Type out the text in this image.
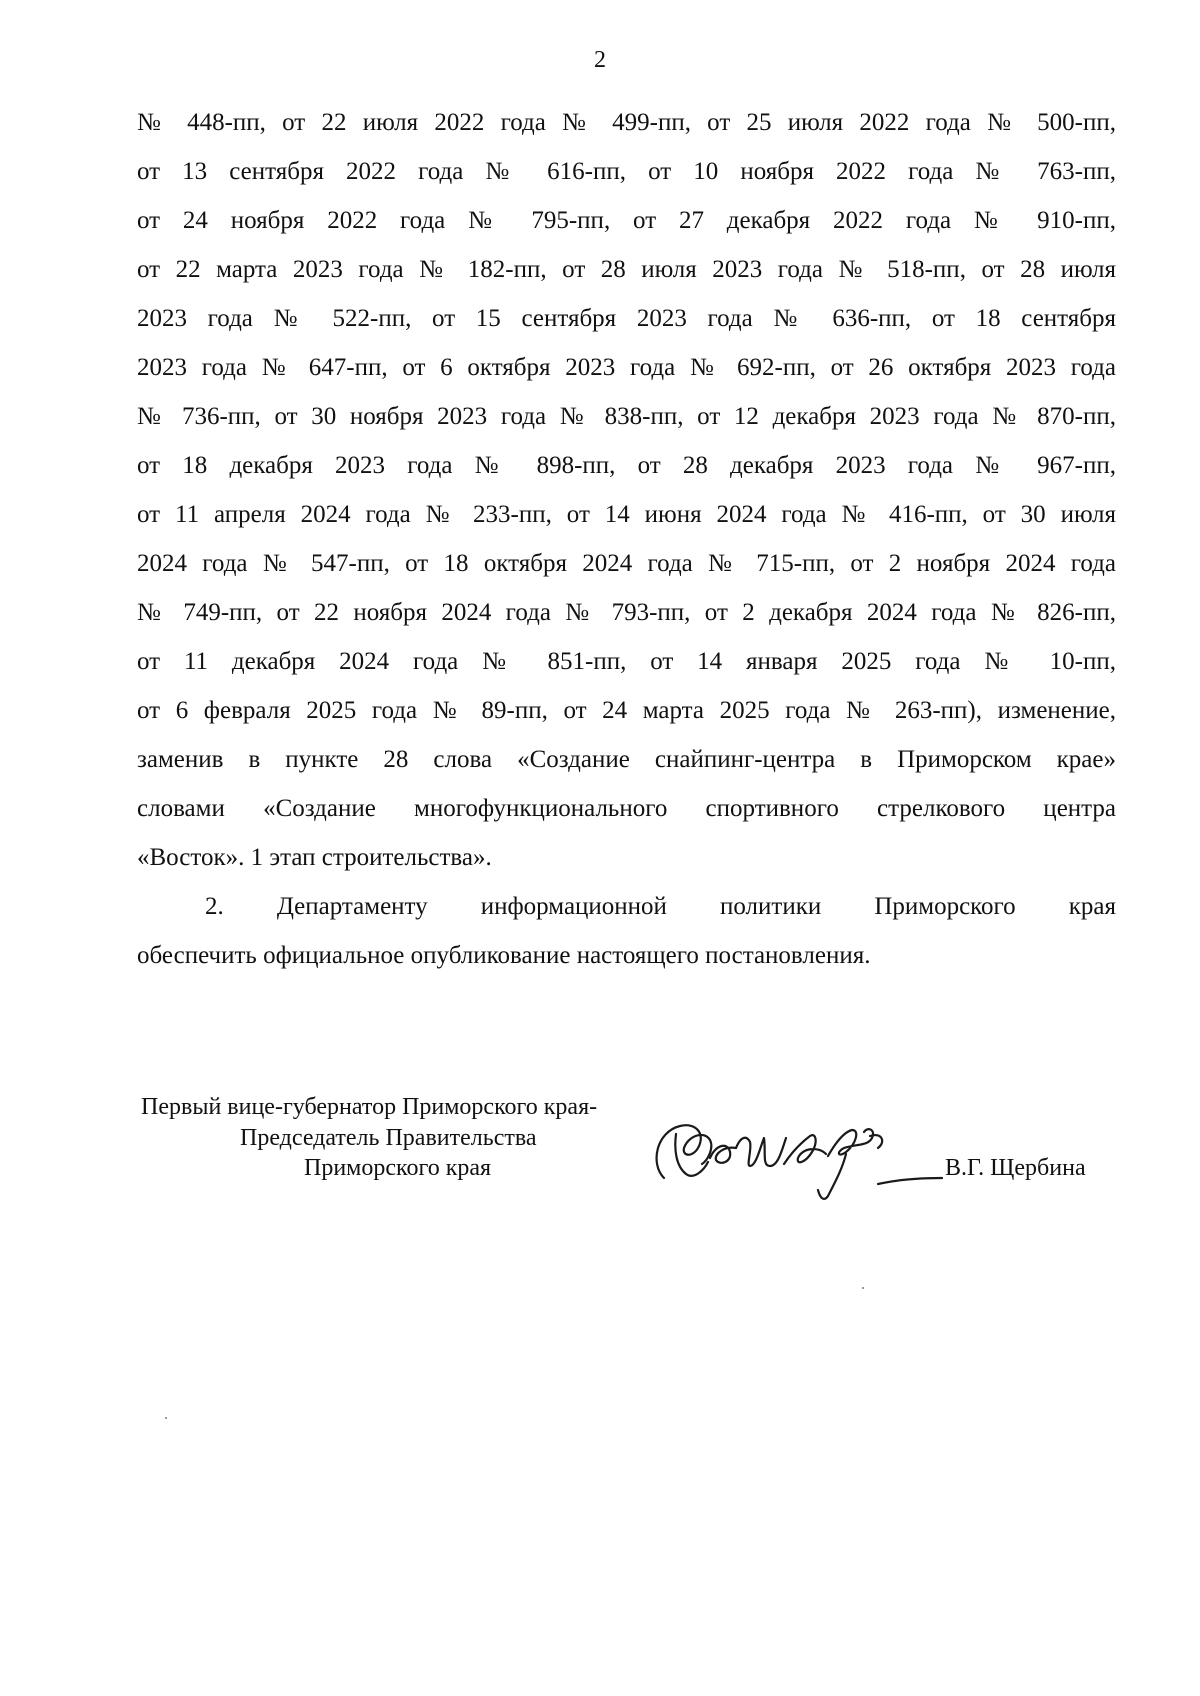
2
№ 448-пп, от 22 июля 2022 года № 499-пп, от 25 июля 2022 года № 500-пп,
от 13 сентября 2022 года № 616-пп, от 10 ноября 2022 года № 763-пп,
от 24 ноября 2022 года № 795-пп, от 27 декабря 2022 года № 910-пп,
от 22 марта 2023 года № 182-пп, от 28 июля 2023 года № 518-пп, от 28 июля
2023 года № 522-пп, от 15 сентября 2023 года № 636-пп, от 18 сентября
2023 года № 647-пп, от 6 октября 2023 года № 692-пп, от 26 октября 2023 года
№ 736-пп, от 30 ноября 2023 года № 838-пп, от 12 декабря 2023 года № 870-пп,
от 18 декабря 2023 года № 898-пп, от 28 декабря 2023 года № 967-пп,
от 11 апреля 2024 года № 233-пп, от 14 июня 2024 года № 416-пп, от 30 июля
2024 года № 547-пп, от 18 октября 2024 года № 715-пп, от 2 ноября 2024 года
№ 749-пп, от 22 ноября 2024 года № 793-пп, от 2 декабря 2024 года № 826-пп,
от 11 декабря 2024 года № 851-пп, от 14 января 2025 года № 10-пп,
от 6 февраля 2025 года № 89-пп, от 24 марта 2025 года № 263-пп), изменение,
заменив в пункте 28 слова «Создание снайпинг-центра в Приморском крае»
словами «Создание многофункционального спортивного стрелкового центра
«Восток». 1 этап строительства».
2. Департаменту информационной политики Приморского края
обеспечить официальное опубликование настоящего постановления.
Первый вице-губернатор Приморского края-
Председатель Правительства
Приморского края	В.Г. Щербина
